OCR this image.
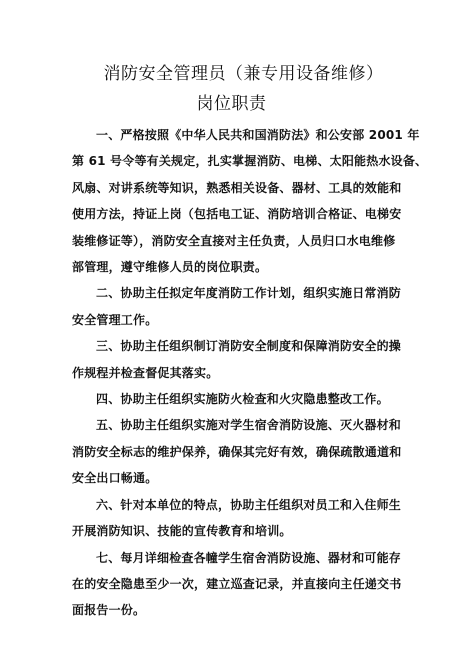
消防安全管理员（兼专用设备维修）
岗位职责
一、严格按照《中华人民共和国消防法》和公安部 2001 年
第 61 号令等有关规定，扎实掌握消防、电梯、太阳能热水设备、
风扇、对讲系统等知识，熟悉相关设备、器材、工具的效能和
使用方法，持证上岗（包括电工证、消防培训合格证、电梯安
装维修证等），消防安全直接对主任负责，人员归口水电维修
部管理，遵守维修人员的岗位职责。
二、协助主任拟定年度消防工作计划，组织实施日常消防
安全管理工作。
三、协助主任组织制订消防安全制度和保障消防安全的操
作规程并检查督促其落实。
四、协助主任组织实施防火检查和火灾隐患整改工作。
五、协助主任组织实施对学生宿舍消防设施、灭火器材和
消防安全标志的维护保养，确保其完好有效，确保疏散通道和
安全出口畅通。
六、针对本单位的特点，协助主任组织对员工和入住师生
开展消防知识、技能的宣传教育和培训。
七、每月详细检查各幢学生宿舍消防设施、器材和可能存
在的安全隐患至少一次，建立巡查记录，并直接向主任递交书
面报告一份。
